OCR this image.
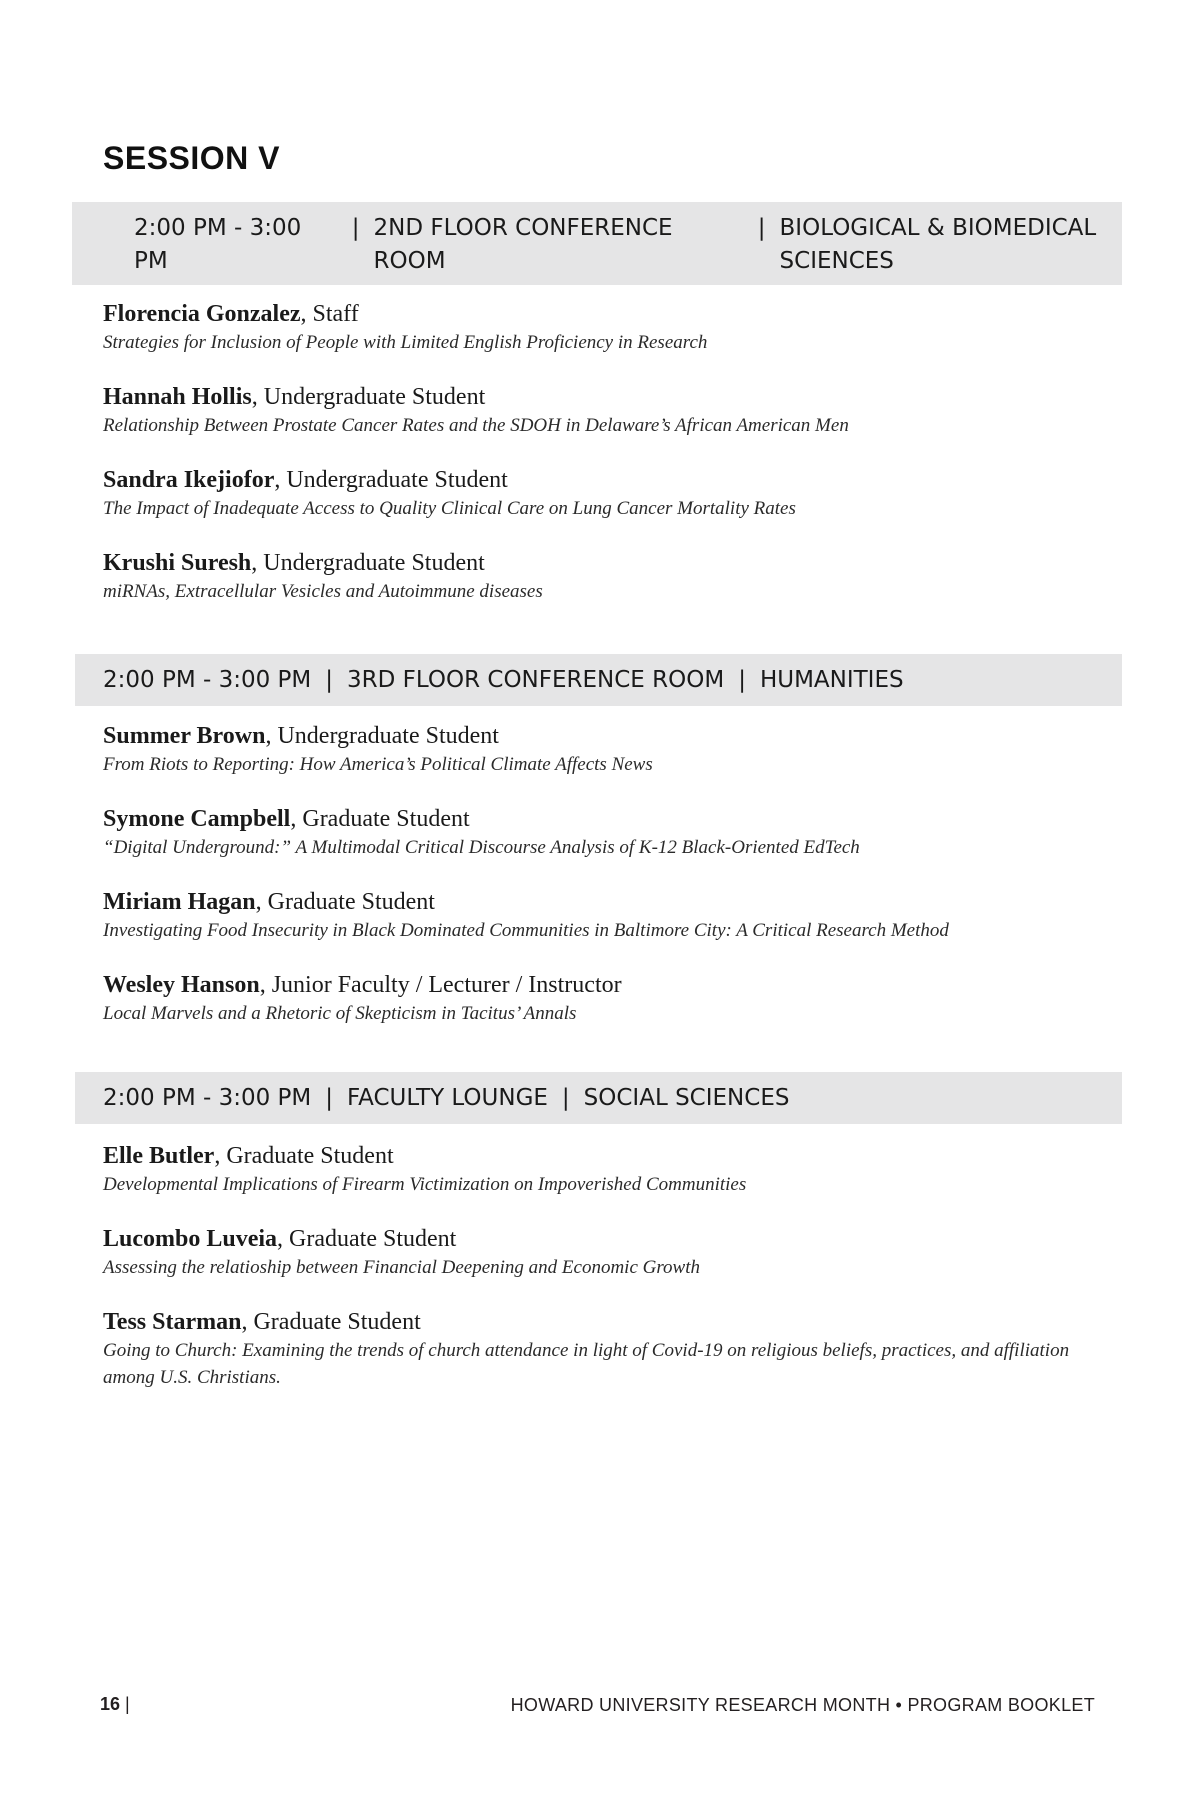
SESSION V
2:00 PM - 3:00 PM
| 2ND FLOOR CONFERENCE ROOM
| BIOLOGICAL & BIOMEDICAL SCIENCES
Florencia Gonzalez, Staff
Strategies for Inclusion of People with Limited English Proficiency in Research
Hannah Hollis, Undergraduate Student
Relationship Between Prostate Cancer Rates and the SDOH in Delaware’s African American Men
Sandra Ikejiofor, Undergraduate Student
The Impact of Inadequate Access to Quality Clinical Care on Lung Cancer Mortality Rates
Krushi Suresh, Undergraduate Student
miRNAs, Extracellular Vesicles and Autoimmune diseases
2:00 PM - 3:00 PM | 3RD FLOOR CONFERENCE ROOM | HUMANITIES
Summer Brown, Undergraduate Student
From Riots to Reporting: How America’s Political Climate Affects News
Symone Campbell, Graduate Student
“Digital Underground:” A Multimodal Critical Discourse Analysis of K-12 Black-Oriented EdTech
Miriam Hagan, Graduate Student
Investigating Food Insecurity in Black Dominated Communities in Baltimore City: A Critical Research Method
Wesley Hanson, Junior Faculty / Lecturer / Instructor
Local Marvels and a Rhetoric of Skepticism in Tacitus’ Annals
2:00 PM - 3:00 PM | FACULTY LOUNGE | SOCIAL SCIENCES
Elle Butler, Graduate Student
Developmental Implications of Firearm Victimization on Impoverished Communities
Lucombo Luveia, Graduate Student
Assessing the relatioship between Financial Deepening and Economic Growth
Tess Starman, Graduate Student
Going to Church: Examining the trends of church attendance in light of Covid-19 on religious beliefs, practices, and affiliation among U.S. Christians.
16 |	HOWARD UNIVERSITY RESEARCH MONTH • PROGRAM BOOKLET
